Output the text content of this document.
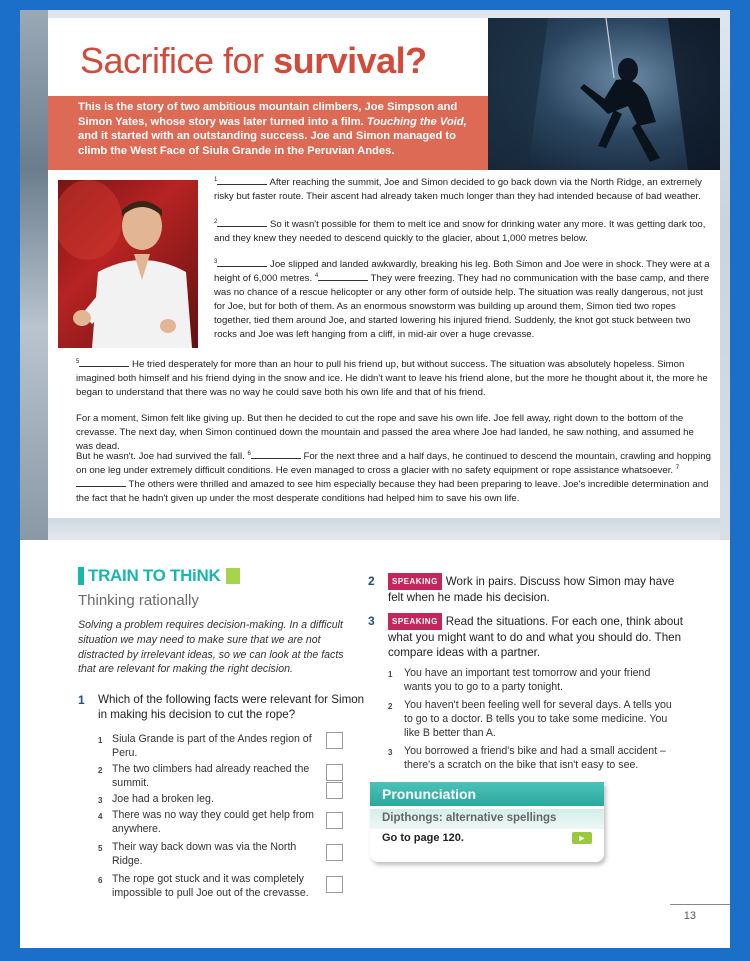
Sacrifice for survival?
This is the story of two ambitious mountain climbers, Joe Simpson and Simon Yates, whose story was later turned into a film. Touching the Void, and it started with an outstanding success. Joe and Simon managed to climb the West Face of Siula Grande in the Peruvian Andes.
$^1$	After reaching the summit, Joe and Simon decided to go back down via the North Ridge, an extremely risky but faster route. Their ascent had already taken much longer than they had intended because of bad weather.
$^2$	So it wasn't possible for them to melt ice and snow for drinking water any more. It was getting dark too, and they knew they needed to descend quickly to the glacier, about 1,000 metres below.
$^3$	Joe slipped and landed awkwardly, breaking his leg. Both Simon and Joe were in shock. They were at a height of 6,000 metres. $^4$	They were freezing. They had no communication with the base camp, and there was no chance of a rescue helicopter or any other form of outside help. The situation was really dangerous, not just for Joe, but for both of them. As an enormous snowstorm was building up around them, Simon tied two ropes together, tied them around Joe, and started lowering his injured friend. Suddenly, the knot got stuck between two rocks and Joe was left hanging from a cliff, in mid-air over a huge crevasse.
$^5$	He tried desperately for more than an hour to pull his friend up, but without success. The situation was absolutely hopeless. Simon imagined both himself and his friend dying in the snow and ice. He didn't want to leave his friend alone, but the more he thought about it, the more he began to understand that there was no way he could save both his own life and that of his friend.
For a moment, Simon felt like giving up. But then he decided to cut the rope and save his own life. Joe fell away, right down to the bottom of the crevasse. The next day, when Simon continued down the mountain and passed the area where Joe had landed, he saw nothing, and assumed he was dead.
But he wasn't. Joe had survived the fall. $^6$	For the next three and a half days, he continued to descend the mountain, crawling and hopping on one leg under extremely difficult conditions. He even managed to cross a glacier with no safety equipment or rope assistance whatsoever. $^7$ The others were thrilled and amazed to see him especially because they had been preparing to leave. Joe's incredible determination and the fact that he hadn't given up under the most desperate conditions had helped him to save his own life.
TRAIN TO THiNK
Thinking rationally
Solving a problem requires decision-making. In a difficult situation we may need to make sure that we are not distracted by irrelevant ideas, so we can look at the facts that are relevant for making the right decision.
1 Which of the following facts were relevant for Simon in making his decision to cut the rope?
1 Siula Grande is part of the Andes region of Peru.
2 The two climbers had already reached the summit.
3 Joe had a broken leg.
4 There was no way they could get help from anywhere.
5 Their way back down was via the North Ridge.
6 The rope got stuck and it was completely impossible to pull Joe out of the crevasse.
2	SPEAKING Work in pairs. Discuss how Simon may have felt when he made his decision.
3	SPEAKING Read the situations. For each one, think about what you might want to do and what you should do. Then compare ideas with a partner.
1 You have an important test tomorrow and your friend wants you to go to a party tonight.
2 You haven't been feeling well for several days. A tells you to go to a doctor. B tells you to take some medicine. You like B better than A.
3 You borrowed a friend's bike and had a small accident – there's a scratch on the bike that isn't easy to see.
Pronunciation
Dipthongs: alternative spellings
Go to page 120.	►
13
